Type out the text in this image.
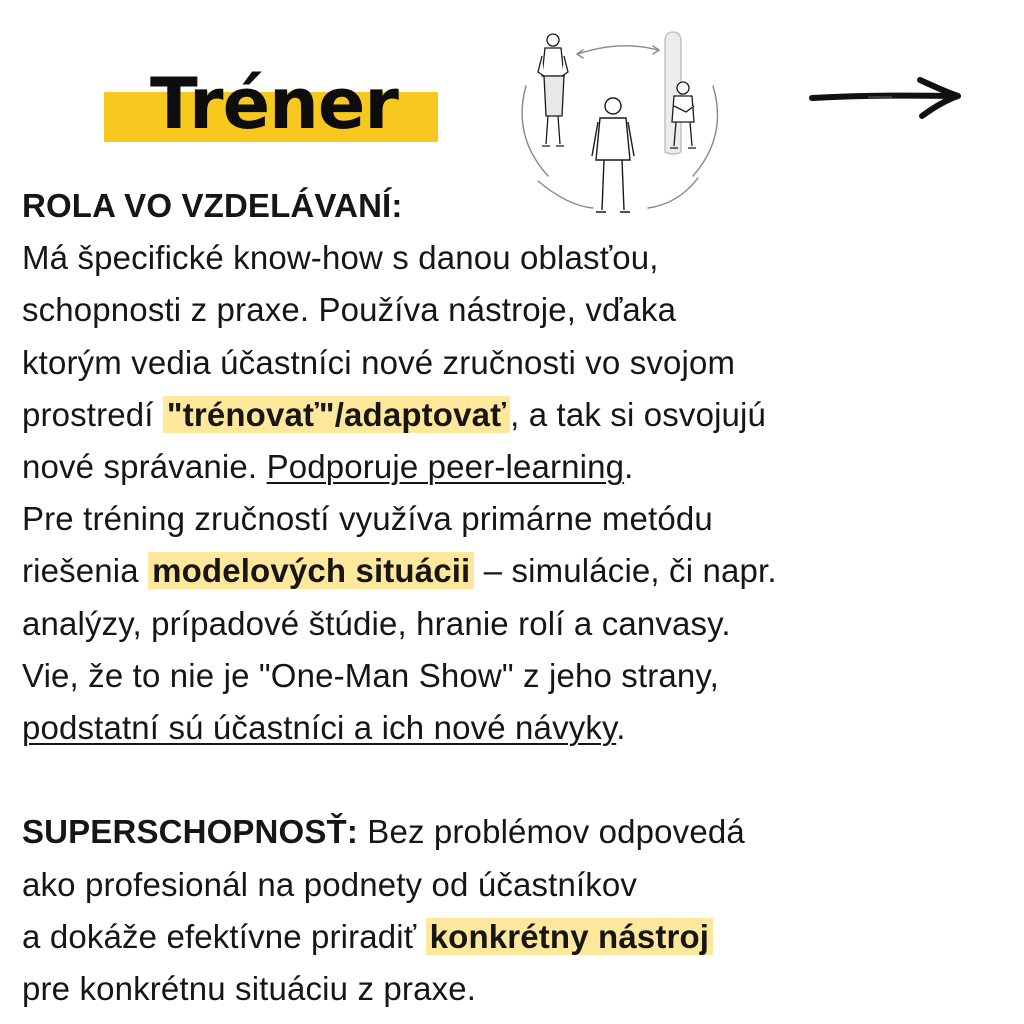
Tréner
ROLA VO VZDELÁVANÍ:
Má špecifické know-how s danou oblasťou,
schopnosti z praxe. Používa nástroje, vďaka
ktorým vedia účastníci nové zručnosti vo svojom
prostredí "trénovať"/adaptovať , a tak si osvojujú
nové správanie. Podporuje peer-learning.
Pre tréning zručností využíva primárne metódu
riešenia modelových situácii – simulácie, či napr.
analýzy, prípadové štúdie, hranie rolí a canvasy.
Vie, že to nie je "One-Man Show" z jeho strany,
podstatní sú účastníci a ich nové návyky.
SUPERSCHOPNOSŤ: Bez problémov odpovedá
ako profesionál na podnety od účastníkov
a dokáže efektívne priradiť konkrétny nástroj
pre konkrétnu situáciu z praxe.
